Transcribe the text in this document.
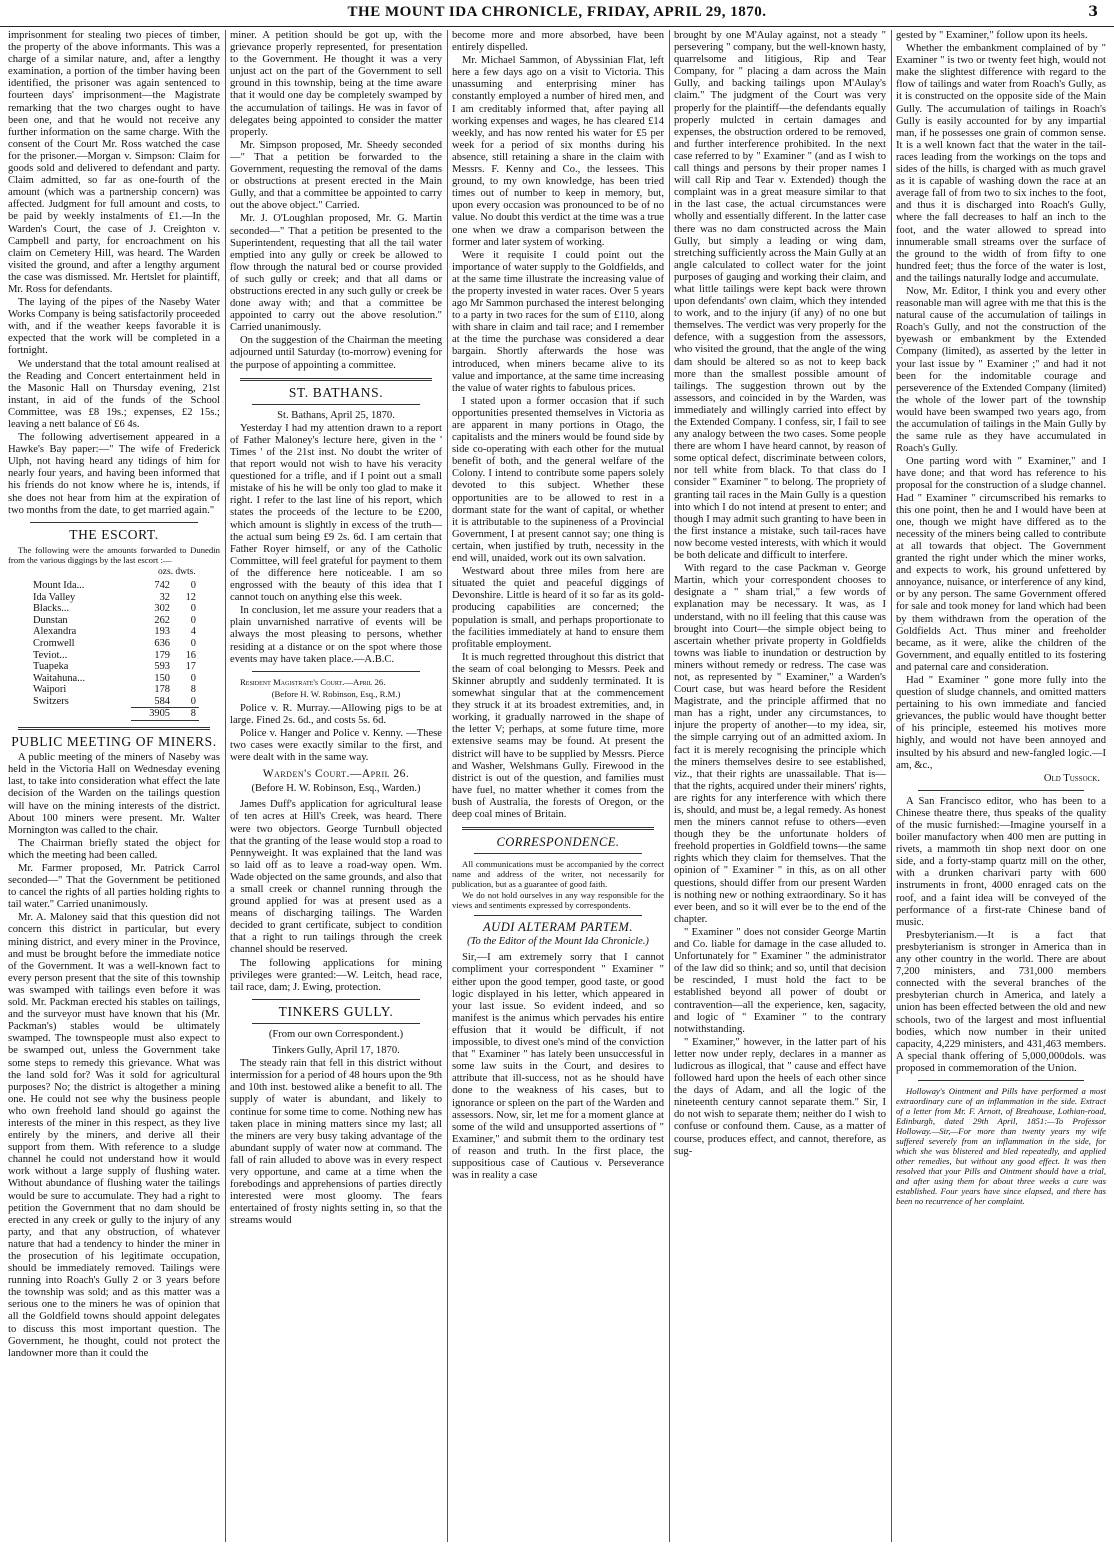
THE MOUNT IDA CHRONICLE, FRIDAY, APRIL 29, 1870.	3

imprisonment for stealing two pieces of timber, the property of the above informants. This was a charge of a similar nature, and, after a lengthy examination, a portion of the timber having been identified, the prisoner was again sentenced to fourteen days' imprisonment—the Magistrate remarking that the two charges ought to have been one, and that he would not receive any further information on the same charge. With the consent of the Court Mr. Ross watched the case for the prisoner.—Morgan v. Simpson: Claim for goods sold and delivered to defendant and party. Claim admitted, so far as one-fourth of the amount (which was a partnership concern) was affected. Judgment for full amount and costs, to be paid by weekly instalments of £1.—In the Warden's Court, the case of J. Creighton v. Campbell and party, for encroachment on his claim on Cemetery Hill, was heard. The Warden visited the ground, and after a lengthy argument the case was dismissed. Mr. Hertslet for plaintiff, Mr. Ross for defendants.

The laying of the pipes of the Naseby Water Works Company is being satisfactorily proceeded with, and if the weather keeps favorable it is expected that the work will be completed in a fortnight.

We understand that the total amount realised at the Reading and Concert entertainment held in the Masonic Hall on Thursday evening, 21st instant, in aid of the funds of the School Committee, was £8 19s.; expenses, £2 15s.; leaving a nett balance of £6 4s.

The following advertisement appeared in a Hawke's Bay paper:—" The wife of Frederick Ulph, not having heard any tidings of him for nearly four years, and having been informed that his friends do not know where he is, intends, if she does not hear from him at the expiration of two months from the date, to get married again."

THE ESCORT.

The following were the amounts forwarded to Dunedin from the various diggings by the last escort :—

ozs. dwts.
Mount Ida...	742	0
Ida Valley	32	12
Blacks...	302	0
Dunstan	262	0
Alexandra	193	4
Cromwell	636	0
Teviot...	179	16
Tuapeka	593	17
Waitahuna...	150	0
Waipori	178	8
Switzers	584	0
	3905	8
PUBLIC MEETING OF MINERS.

A public meeting of the miners of Naseby was held in the Victoria Hall on Wednesday evening last, to take into consideration what effect the late decision of the Warden on the tailings question will have on the mining interests of the district. About 100 miners were present. Mr. Walter Mornington was called to the chair.

The Chairman briefly stated the object for which the meeting had been called.

Mr. Farmer proposed, Mr. Patrick Carrol seconded—" That the Government be petitioned to cancel the rights of all parties holding rights to tail water." Carried unanimously.

Mr. A. Maloney said that this question did not concern this district in particular, but every mining district, and every miner in the Province, and must be brought before the immediate notice of the Government. It was a well-known fact to every person present that the site of this township was swamped with tailings even before it was sold. Mr. Packman erected his stables on tailings, and the surveyor must have known that his (Mr. Packman's) stables would be ultimately swamped. The townspeople must also expect to be swamped out, unless the Government take some steps to remedy this grievance. What was the land sold for? Was it sold for agricultural purposes? No; the district is altogether a mining one. He could not see why the business people who own freehold land should go against the interests of the miner in this respect, as they live entirely by the miners, and derive all their support from them. With reference to a sludge channel he could not understand how it would work without a large supply of flushing water. Without abundance of flushing water the tailings would be sure to accumulate. They had a right to petition the Government that no dam should be erected in any creek or gully to the injury of any party, and that any obstruction, of whatever nature that had a tendency to hinder the miner in the prosecution of his legitimate occupation, should be immediately removed. Tailings were running into Roach's Gully 2 or 3 years before the township was sold; and as this matter was a serious one to the miners he was of opinion that all the Goldfield towns should appoint delegates to discuss this most important question. The Government, he thought, could not protect the landowner more than it could the

miner. A petition should be got up, with the grievance properly represented, for presentation to the Government. He thought it was a very unjust act on the part of the Government to sell ground in this township, being at the time aware that it would one day be completely swamped by the accumulation of tailings. He was in favor of delegates being appointed to consider the matter properly.

Mr. Simpson proposed, Mr. Sheedy seconded—" That a petition be forwarded to the Government, requesting the removal of the dams or obstructions at present erected in the Main Gully, and that a committee be appointed to carry out the above object." Carried.

Mr. J. O'Loughlan proposed, Mr. G. Martin seconded—" That a petition be presented to the Superintendent, requesting that all the tail water emptied into any gully or creek be allowed to flow through the natural bed or course provided of such gully or creek; and that all dams or obstructions erected in any such gully or creek be done away with; and that a committee be appointed to carry out the above resolution." Carried unanimously.

On the suggestion of the Chairman the meeting adjourned until Saturday (to-morrow) evening for the purpose of appointing a committee.

ST. BATHANS.

St. Bathans, April 25, 1870.

Yesterday I had my attention drawn to a report of Father Maloney's lecture here, given in the ' Times ' of the 21st inst. No doubt the writer of that report would not wish to have his veracity questioned for a trifle, and if I point out a small mistake of his he will be only too glad to make it right. I refer to the last line of his report, which states the proceeds of the lecture to be £200, which amount is slightly in excess of the truth—the actual sum being £9 2s. 6d. I am certain that Father Royer himself, or any of the Catholic Committee, will feel grateful for payment to them of the difference here noticeable. I am so engrossed with the beauty of this idea that I cannot touch on anything else this week.

In conclusion, let me assure your readers that a plain unvarnished narrative of events will be always the most pleasing to persons, whether residing at a distance or on the spot where those events may have taken place.—A.B.C.

Resident Magistrate's Court.—April 26.

(Before H. W. Robinson, Esq., R.M.)

Police v. R. Murray.—Allowing pigs to be at large. Fined 2s. 6d., and costs 5s. 6d.

Police v. Hanger and Police v. Kenny. —These two cases were exactly similar to the first, and were dealt with in the same way.

Warden's Court.—April 26.
(Before H. W. Robinson, Esq., Warden.)

James Duff's application for agricultural lease of ten acres at Hill's Creek, was heard. There were two objectors. George Turnbull objected that the granting of the lease would stop a road to Pennyweight. It was explained that the land was so laid off as to leave a road-way open. Wm. Wade objected on the same grounds, and also that a small creek or channel running through the ground applied for was at present used as a means of discharging tailings. The Warden decided to grant certificate, subject to condition that a right to run tailings through the creek channel should be reserved.

The following applications for mining privileges were granted:—W. Leitch, head race, tail race, dam; J. Ewing, protection.

TINKERS GULLY.
(From our own Correspondent.)

Tinkers Gully, April 17, 1870.

The steady rain that fell in this district without intermission for a period of 48 hours upon the 9th and 10th inst. bestowed alike a benefit to all. The supply of water is abundant, and likely to continue for some time to come. Nothing new has taken place in mining matters since my last; all the miners are very busy taking advantage of the abundant supply of water now at command. The fall of rain alluded to above was in every respect very opportune, and came at a time when the forebodings and apprehensions of parties directly interested were most gloomy. The fears entertained of frosty nights setting in, so that the streams would

become more and more absorbed, have been entirely dispelled.

Mr. Michael Sammon, of Abyssinian Flat, left here a few days ago on a visit to Victoria. This unassuming and enterprising miner has constantly employed a number of hired men, and I am creditably informed that, after paying all working expenses and wages, he has cleared £14 weekly, and has now rented his water for £5 per week for a period of six months during his absence, still retaining a share in the claim with Messrs. F. Kenny and Co., the lessees. This ground, to my own knowledge, has been tried times out of number to keep in memory, but, upon every occasion was pronounced to be of no value. No doubt this verdict at the time was a true one when we draw a comparison between the former and later system of working.

Were it requisite I could point out the importance of water supply to the Goldfields, and at the same time illustrate the increasing value of the property invested in water races. Over 5 years ago Mr Sammon purchased the interest belonging to a party in two races for the sum of £110, along with share in claim and tail race; and I remember at the time the purchase was considered a dear bargain. Shortly afterwards the hose was introduced, when miners became alive to its value and importance, at the same time increasing the value of water rights to fabulous prices.

I stated upon a former occasion that if such opportunities presented themselves in Victoria as are apparent in many portions in Otago, the capitalists and the miners would be found side by side co-operating with each other for the mutual benefit of both, and the general welfare of the Colony. I intend to contribute some papers solely devoted to this subject. Whether these opportunities are to be allowed to rest in a dormant state for the want of capital, or whether it is attributable to the supineness of a Provincial Government, I at present cannot say; one thing is certain, when justified by truth, necessity in the end will, unaided, work out its own salvation.

Westward about three miles from here are situated the quiet and peaceful diggings of Devonshire. Little is heard of it so far as its gold-producing capabilities are concerned; the population is small, and perhaps proportionate to the facilities immediately at hand to ensure them profitable employment.

It is much regretted throughout this district that the seam of coal belonging to Messrs. Peek and Skinner abruptly and suddenly terminated. It is somewhat singular that at the commencement they struck it at its broadest extremities, and, in working, it gradually narrowed in the shape of the letter V; perhaps, at some future time, more extensive seams may be found. At present the district will have to be supplied by Messrs. Pierce and Washer, Welshmans Gully. Firewood in the district is out of the question, and families must have fuel, no matter whether it comes from the bush of Australia, the forests of Oregon, or the deep coal mines of Britain.

CORRESPONDENCE.

All communications must be accompanied by the correct name and address of the writer, not necessarily for publication, but as a guarantee of good faith.

We do not hold ourselves in any way responsible for the views and sentiments expressed by correspondents.

AUDI ALTERAM PARTEM.
(To the Editor of the Mount Ida Chronicle.)

Sir,—I am extremely sorry that I cannot compliment your correspondent " Examiner " either upon the good temper, good taste, or good logic displayed in his letter, which appeared in your last issue. So evident indeed, and so manifest is the animus which pervades his entire effusion that it would be difficult, if not impossible, to divest one's mind of the conviction that " Examiner " has lately been unsuccessful in some law suits in the Court, and desires to attribute that ill-success, not as he should have done to the weakness of his cases, but to ignorance or spleen on the part of the Warden and assessors. Now, sir, let me for a moment glance at some of the wild and unsupported assertions of " Examiner," and submit them to the ordinary test of reason and truth. In the first place, the suppositious case of Cautious v. Perseverance was in reality a case

brought by one M'Aulay against, not a steady " persevering " company, but the well-known hasty, quarrelsome and litigious, Rip and Tear Company, for " placing a dam across the Main Gully, and backing tailings upon M'Aulay's claim." The judgment of the Court was very properly for the plaintiff—the defendants equally properly mulcted in certain damages and expenses, the obstruction ordered to be removed, and further interference prohibited. In the next case referred to by " Examiner " (and as I wish to call things and persons by their proper names I will call Rip and Tear v. Extended) though the complaint was in a great measure similar to that in the last case, the actual circumstances were wholly and essentially different. In the latter case there was no dam constructed across the Main Gully, but simply a leading or wing dam, stretching sufficiently across the Main Gully at an angle calculated to collect water for the joint purposes of gauging and working their claim, and what little tailings were kept back were thrown upon defendants' own claim, which they intended to work, and to the injury (if any) of no one but themselves. The verdict was very properly for the defence, with a suggestion from the assessors, who visited the ground, that the angle of the wing dam should be altered so as not to keep back more than the smallest possible amount of tailings. The suggestion thrown out by the assessors, and coincided in by the Warden, was immediately and willingly carried into effect by the Extended Company. I confess, sir, I fail to see any analogy between the two cases. Some people there are whom I have heard cannot, by reason of some optical defect, discriminate between colors, nor tell white from black. To that class do I consider " Examiner " to belong. The propriety of granting tail races in the Main Gully is a question into which I do not intend at present to enter; and though I may admit such granting to have been in the first instance a mistake, such tail-races have now become vested interests, with which it would be both delicate and difficult to interfere.

With regard to the case Packman v. George Martin, which your correspondent chooses to designate a " sham trial," a few words of explanation may be necessary. It was, as I understand, with no ill feeling that this cause was brought into Court—the simple object being to ascertain whether private property in Goldfields towns was liable to inundation or destruction by miners without remedy or redress. The case was not, as represented by " Examiner," a Warden's Court case, but was heard before the Resident Magistrate, and the principle affirmed that no man has a right, under any circumstances, to injure the property of another—to my idea, sir, the simple carrying out of an admitted axiom. In fact it is merely recognising the principle which the miners themselves desire to see established, viz., that their rights are unassailable. That is—that the rights, acquired under their miners' rights, are rights for any interference with which there is, should, and must be, a legal remedy. As honest men the miners cannot refuse to others—even though they be the unfortunate holders of freehold properties in Goldfield towns—the same rights which they claim for themselves. That the opinion of " Examiner " in this, as on all other questions, should differ from our present Warden is nothing new or nothing extraordinary. So it has ever been, and so it will ever be to the end of the chapter.

" Examiner " does not consider George Martin and Co. liable for damage in the case alluded to. Unfortunately for " Examiner " the administrator of the law did so think; and so, until that decision be rescinded, I must hold the fact to be established beyond all power of doubt or contravention—all the experience, ken, sagacity, and logic of " Examiner " to the contrary notwithstanding.

" Examiner," however, in the latter part of his letter now under reply, declares in a manner as ludicrous as illogical, that " cause and effect have followed hard upon the heels of each other since the days of Adam, and all the logic of the nineteenth century cannot separate them." Sir, I do not wish to separate them; neither do I wish to confuse or confound them. Cause, as a matter of course, produces effect, and cannot, therefore, as sug-

gested by " Examiner," follow upon its heels.

Whether the embankment complained of by " Examiner " is two or twenty feet high, would not make the slightest difference with regard to the flow of tailings and water from Roach's Gully, as it is constructed on the opposite side of the Main Gully. The accumulation of tailings in Roach's Gully is easily accounted for by any impartial man, if he possesses one grain of common sense. It is a well known fact that the water in the tail-races leading from the workings on the tops and sides of the hills, is charged with as much gravel as it is capable of washing down the race at an average fall of from two to six inches to the foot, and thus it is discharged into Roach's Gully, where the fall decreases to half an inch to the foot, and the water allowed to spread into innumerable small streams over the surface of the ground to the width of from fifty to one hundred feet; thus the force of the water is lost, and the tailings naturally lodge and accumulate.

Now, Mr. Editor, I think you and every other reasonable man will agree with me that this is the natural cause of the accumulation of tailings in Roach's Gully, and not the construction of the byewash or embankment by the Extended Company (limited), as asserted by the letter in your last issue by " Examiner ;" and had it not been for the indomitable courage and perseverence of the Extended Company (limited) the whole of the lower part of the township would have been swamped two years ago, from the accumulation of tailings in the Main Gully by the same rule as they have accumulated in Roach's Gully.

One parting word with " Examiner," and I have done; and that word has reference to his proposal for the construction of a sludge channel. Had " Examiner " circumscribed his remarks to this one point, then he and I would have been at one, though we might have differed as to the necessity of the miners being called to contribute at all towards that object. The Government granted the right under which the miner works, and expects to work, his ground unfettered by annoyance, nuisance, or interference of any kind, or by any person. The same Government offered for sale and took money for land which had been by them withdrawn from the operation of the Goldfields Act. Thus miner and freeholder became, as it were, alike the children of the Government, and equally entitled to its fostering and paternal care and consideration.

Had " Examiner " gone more fully into the question of sludge channels, and omitted matters pertaining to his own immediate and fancied grievances, the public would have thought better of his principle, esteemed his motives more highly, and would not have been annoyed and insulted by his absurd and new-fangled logic.—I am, &c.,

Old Tussock.

A San Francisco editor, who has been to a Chinese theatre there, thus speaks of the quality of the music furnished:—Imagine yourself in a boiler manufactory when 400 men are putting in rivets, a mammoth tin shop next door on one side, and a forty-stamp quartz mill on the other, with a drunken charivari party with 600 instruments in front, 4000 enraged cats on the roof, and a faint idea will be conveyed of the performance of a first-rate Chinese band of music.

Presbyterianism.—It is a fact that presbyterianism is stronger in America than in any other country in the world. There are about 7,200 ministers, and 731,000 members connected with the several branches of the presbyterian church in America, and lately a union has been effected between the old and new schools, two of the largest and most influential bodies, which now number in their united capacity, 4,229 ministers, and 431,463 members. A special thank offering of 5,000,000dols. was proposed in commemoration of the Union.

Holloway's Ointment and Pills have performed a most extraordinary cure of an inflammation in the side. Extract of a letter from Mr. F. Arnott, of Breahouse, Lothian-road, Edinburgh, dated 29th April, 1851:—To Professor Holloway.—Sir,—For more than twenty years my wife suffered severely from an inflammation in the side, for which she was blistered and bled repeatedly, and applied other remedies, but without any good effect. It was then resolved that your Pills and Ointment should have a trial, and after using them for about three weeks a cure was established. Four years have since elapsed, and there has been no recurrence of her complaint.
